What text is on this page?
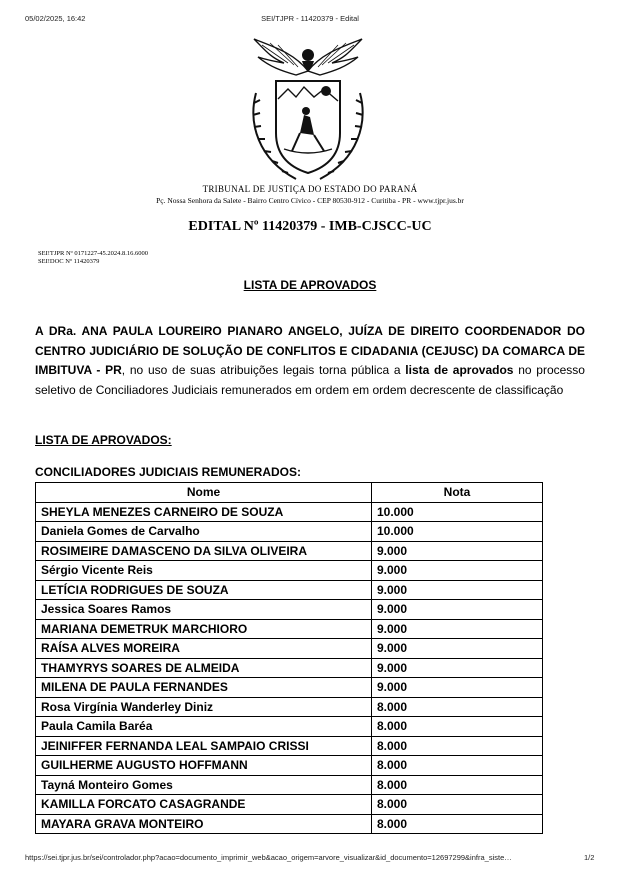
05/02/2025, 16:42	SEI/TJPR - 11420379 - Edital
TRIBUNAL DE JUSTIÇA DO ESTADO DO PARANÁ
Pç. Nossa Senhora da Salete - Bairro Centro Cívico - CEP 80530-912 - Curitiba - PR - www.tjpr.jus.br
EDITAL Nº 11420379 - IMB-CJSCC-UC
SEI!TJPR Nº 0171227-45.2024.8.16.6000
SEI!DOC Nº 11420379
LISTA DE APROVADOS
A DRa. ANA PAULA LOUREIRO PIANARO ANGELO, JUÍZA DE DIREITO COORDENADOR DO CENTRO JUDICIÁRIO DE SOLUÇÃO DE CONFLITOS E CIDADANIA (CEJUSC) DA COMARCA DE IMBITUVA - PR, no uso de suas atribuições legais torna pública a lista de aprovados no processo seletivo de Conciliadores Judiciais remunerados em ordem em ordem decrescente de classificação
LISTA DE APROVADOS:
CONCILIADORES JUDICIAIS REMUNERADOS:
Nome	Nota
SHEYLA MENEZES CARNEIRO DE SOUZA	10.000
Daniela Gomes de Carvalho	10.000
ROSIMEIRE DAMASCENO DA SILVA OLIVEIRA	9.000
Sérgio Vicente Reis	9.000
LETÍCIA RODRIGUES DE SOUZA	9.000
Jessica Soares Ramos	9.000
MARIANA DEMETRUK MARCHIORO	9.000
RAÍSA ALVES MOREIRA	9.000
THAMYRYS SOARES DE ALMEIDA	9.000
MILENA DE PAULA FERNANDES	9.000
Rosa Virgínia Wanderley Diniz	8.000
Paula Camila Baréa	8.000
JEINIFFER FERNANDA LEAL SAMPAIO CRISSI	8.000
GUILHERME AUGUSTO HOFFMANN	8.000
Tayná Monteiro Gomes	8.000
KAMILLA FORCATO CASAGRANDE	8.000
MAYARA GRAVA MONTEIRO	8.000
https://sei.tjpr.jus.br/sei/controlador.php?acao=documento_imprimir_web&acao_origem=arvore_visualizar&id_documento=12697299&infra_siste…	1/2
